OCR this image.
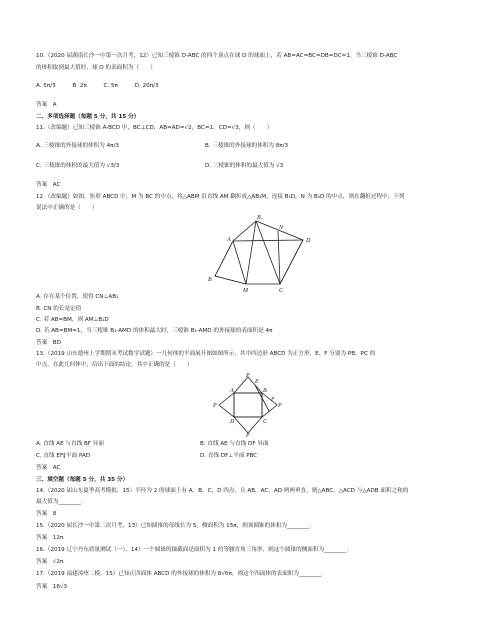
10.（2020 届湖南长沙一中第一次月考，12）已知三棱锥 D-ABC 的四个顶点在球 O 的球面上，若 AB=AC=BC=DB=DC=1，当三棱锥 D-ABC
的体积取到最大值时，球 O 的表面积为（　　）
A. 5π/3　　　B. 2π　　　C. 5π　　　D. 20π/3
答案　A
二、多项选择题（每题 5 分，共 15 分）
11.（改编题）已知三棱锥 A-BCD 中，BC⊥CD，AB=AD=√2，BC=1，CD=√3，则（　　）
A. 三棱锥的外接球的体积为 4π/3	B. 三棱锥的外接球的体积为 8π/3
C. 三棱锥的体积的最大值为 √3/3	D. 三棱锥的体积的最大值为 √3
答案　AC
12.（改编题）如图，矩形 ABCD 中，M 为 BC 的中点，将△ABM 沿直线 AM 翻折成△AB₁M，连接 B₁D，N 为 B₁D 的中点，则在翻折过程中，下列
说法中正确的是（　　）
B₁
N
A	D
B
M	C
A. 存在某个位置，使得 CN⊥AB₁
B. CN 的长是定值
C. 若 AB=BM，则 AM⊥B₁D
D. 若 AB=BM=1，当三棱锥 B₁-AMD 的体积最大时，三棱锥 B₁-AMD 的外接球的表面积是 4π
答案　BD
13.（2019 山东德州上学期期末考试数学试题）一几何体的平面展开图如图所示，其中四边形 ABCD 为正方形，E、F 分别为 PB、PC 的
中点，在此几何体中，给出下面的结论，其中正确的是（　　）
P
P
P
P
A	B
C
D
E
F
A. 直线 AE 与直线 BF 异面	B. 直线 AE 与直线 DF 异面
C. 直线 EF∥平面 PAD	D. 直线 DF⊥平面 PBC
答案　AC
三、填空题（每题 5 分，共 35 分）
14.（2020 届山东夏季高考模拟，15）半径为 2 的球面上有 A，B，C，D 四点，且 AB，AC，AD 两两垂直，则△ABC，△ACD 与△ADB 面积之和的
最大值为________．
答案　8
15.（2020 届长沙一中第二次月考，13）已知圆锥的母线长为 5，侧面积为 15π，则该圆锥的体积为________．
答案　12π
16.（2019 辽宁丹东质量测试（一），14）一个圆锥的轴截面是面积为 1 的等腰直角三角形，则这个圆锥的侧面积为________．
答案　√2π
17.（2019 福建漳州二模，15）已知正四面体 ABCD 的外接球的体积为 8√6π，则这个四面体的表面积为________．
答案　16√3
